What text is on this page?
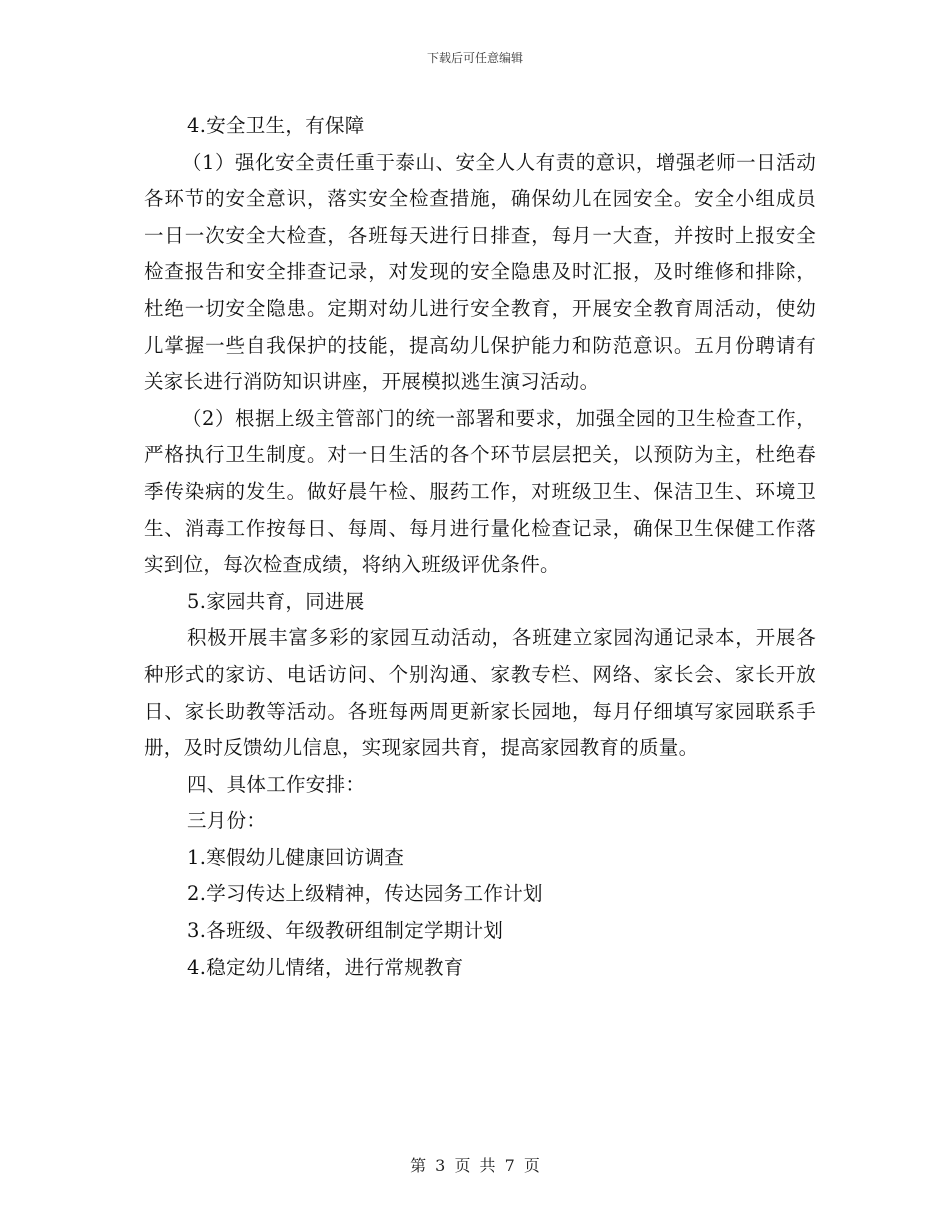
下载后可任意编辑

4.安全卫生，有保障

（1）强化安全责任重于泰山、安全人人有责的意识，增强老师一日活动各环节的安全意识，落实安全检查措施，确保幼儿在园安全。安全小组成员一日一次安全大检查，各班每天进行日排查，每月一大查，并按时上报安全检查报告和安全排查记录，对发现的安全隐患及时汇报，及时维修和排除，杜绝一切安全隐患。定期对幼儿进行安全教育，开展安全教育周活动，使幼儿掌握一些自我保护的技能，提高幼儿保护能力和防范意识。五月份聘请有关家长进行消防知识讲座，开展模拟逃生演习活动。

（2）根据上级主管部门的统一部署和要求，加强全园的卫生检查工作，严格执行卫生制度。对一日生活的各个环节层层把关，以预防为主，杜绝春季传染病的发生。做好晨午检、服药工作，对班级卫生、保洁卫生、环境卫生、消毒工作按每日、每周、每月进行量化检查记录，确保卫生保健工作落实到位，每次检查成绩，将纳入班级评优条件。

5.家园共育，同进展

积极开展丰富多彩的家园互动活动，各班建立家园沟通记录本，开展各种形式的家访、电话访问、个别沟通、家教专栏、网络、家长会、家长开放日、家长助教等活动。各班每两周更新家长园地，每月仔细填写家园联系手册，及时反馈幼儿信息，实现家园共育，提高家园教育的质量。

四、具体工作安排：

三月份：

1.寒假幼儿健康回访调查

2.学习传达上级精神，传达园务工作计划

3.各班级、年级教研组制定学期计划

4.稳定幼儿情绪，进行常规教育

第 3 页 共 7 页
